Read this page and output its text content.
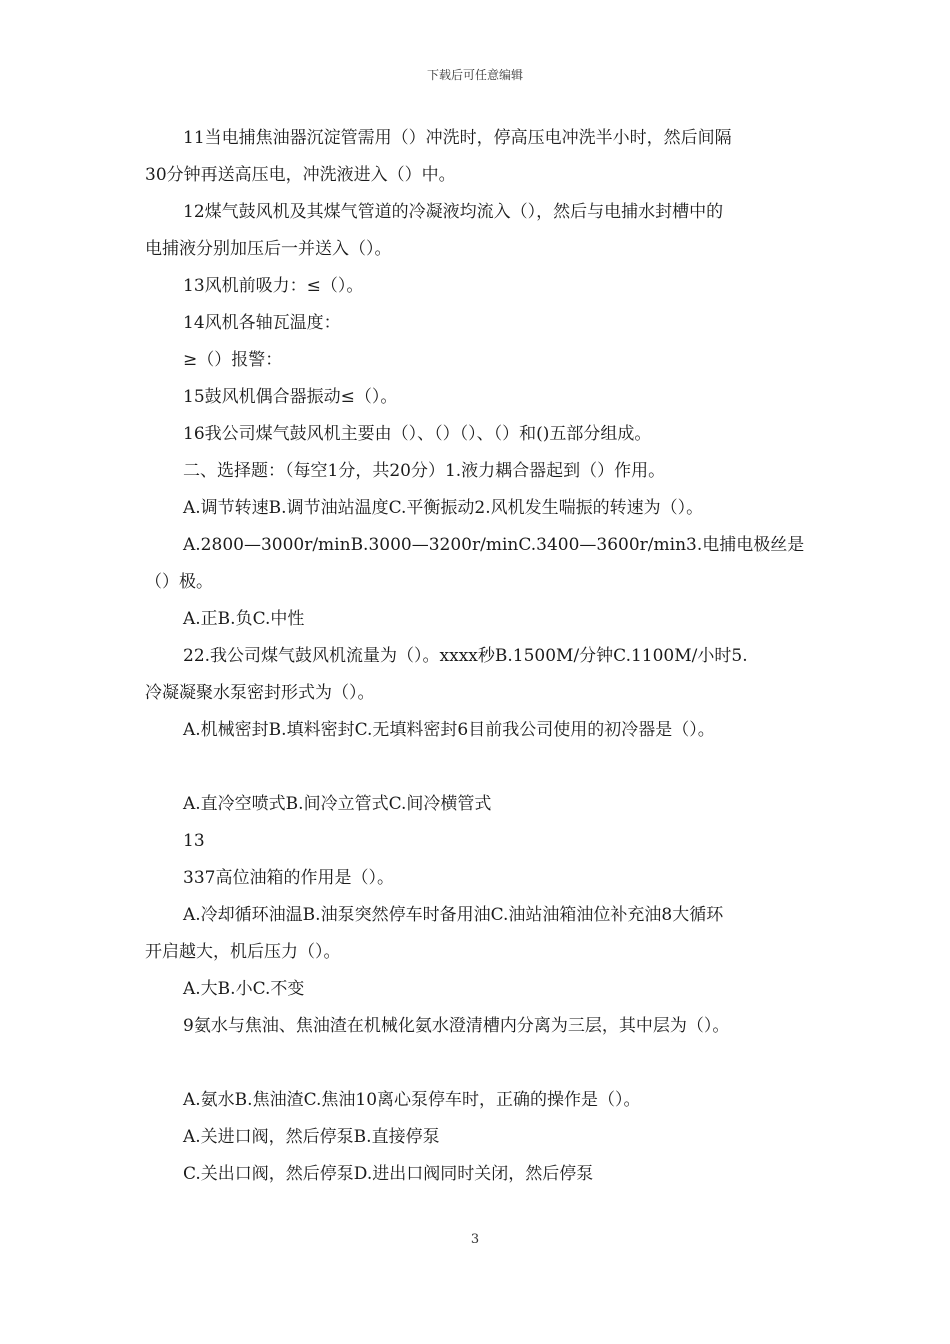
下载后可任意编辑
11当电捕焦油器沉淀管需用（）冲洗时，停高压电冲洗半小时，然后间隔
30分钟再送高压电，冲洗液进入（）中。
12煤气鼓风机及其煤气管道的冷凝液均流入（），然后与电捕水封槽中的
电捕液分别加压后一并送入（）。
13风机前吸力：≤（）。
14风机各轴瓦温度：
≥（）报警：
15鼓风机偶合器振动≤（）。
16我公司煤气鼓风机主要由（）、（）（）、（）和()五部分组成。
二、选择题：（每空1分，共20分）1.液力耦合器起到（）作用。
A.调节转速B.调节油站温度C.平衡振动2.风机发生喘振的转速为（）。
A.2800—3000r/minB.3000—3200r/minC.3400—3600r/min3.电捕电极丝是
（）极。
A.正B.负C.中性
22.我公司煤气鼓风机流量为（）。xxxx秒B.1500M/分钟C.1100M/小时5.
冷凝凝聚水泵密封形式为（）。
A.机械密封B.填料密封C.无填料密封6目前我公司使用的初冷器是（）。
A.直冷空喷式B.间冷立管式C.间冷横管式
13
337高位油箱的作用是（）。
A.冷却循环油温B.油泵突然停车时备用油C.油站油箱油位补充油8大循环
开启越大，机后压力（）。
A.大B.小C.不变
9氨水与焦油、焦油渣在机械化氨水澄清槽内分离为三层，其中层为（）。
A.氨水B.焦油渣C.焦油10离心泵停车时，正确的操作是（）。
A.关进口阀，然后停泵B.直接停泵
C.关出口阀，然后停泵D.进出口阀同时关闭，然后停泵
3
